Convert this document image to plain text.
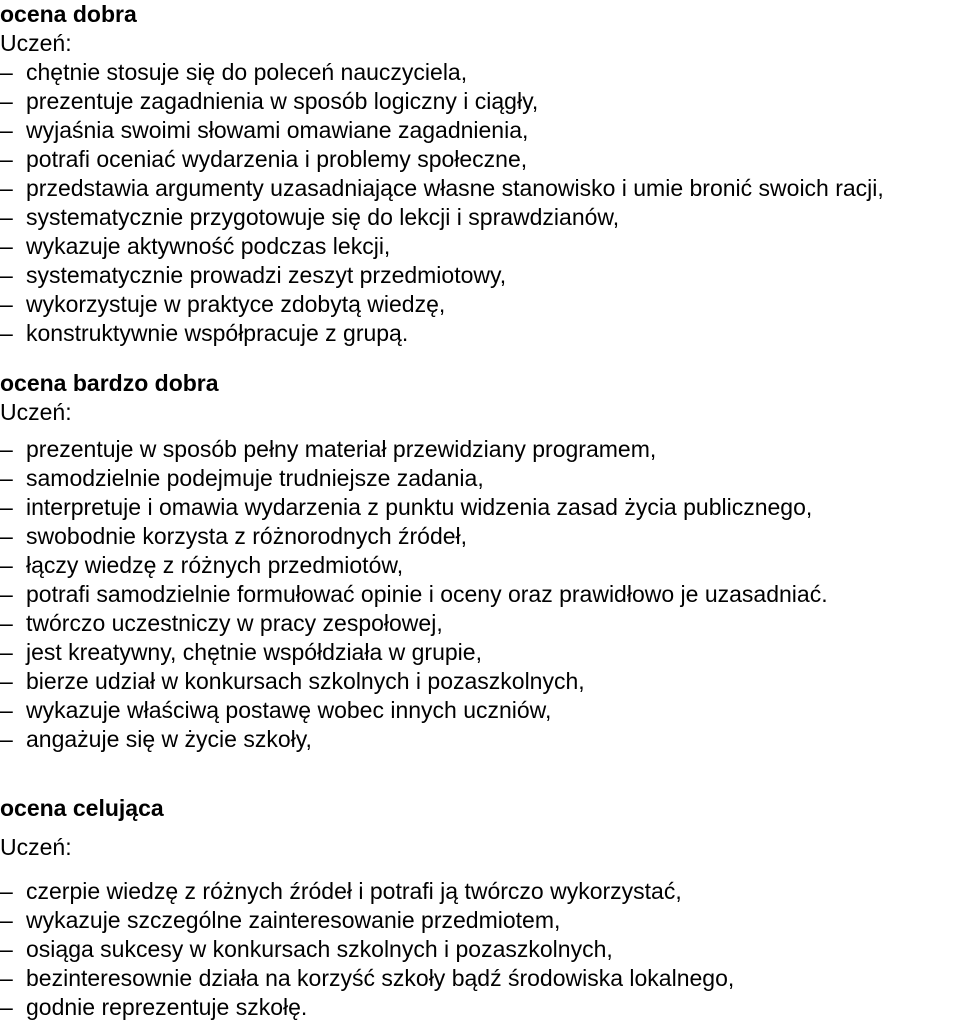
ocena dobra
Uczeń:
– chętnie stosuje się do poleceń nauczyciela,
– prezentuje zagadnienia w sposób logiczny i ciągły,
– wyjaśnia swoimi słowami omawiane zagadnienia,
– potrafi oceniać wydarzenia i problemy społeczne,
– przedstawia argumenty uzasadniające własne stanowisko i umie bronić swoich racji,
– systematycznie przygotowuje się do lekcji i sprawdzianów,
– wykazuje aktywność podczas lekcji,
– systematycznie prowadzi zeszyt przedmiotowy,
– wykorzystuje w praktyce zdobytą wiedzę,
– konstruktywnie współpracuje z grupą.
ocena bardzo dobra
Uczeń:
– prezentuje w sposób pełny materiał przewidziany programem,
– samodzielnie podejmuje trudniejsze zadania,
– interpretuje i omawia wydarzenia z punktu widzenia zasad życia publicznego,
– swobodnie korzysta z różnorodnych źródeł,
– łączy wiedzę z różnych przedmiotów,
– potrafi samodzielnie formułować opinie i oceny oraz prawidłowo je uzasadniać.
– twórczo uczestniczy w pracy zespołowej,
– jest kreatywny, chętnie współdziała w grupie,
– bierze udział w konkursach szkolnych i pozaszkolnych,
– wykazuje właściwą postawę wobec innych uczniów,
– angażuje się w życie szkoły,
ocena celująca
Uczeń:
– czerpie wiedzę z różnych źródeł i potrafi ją twórczo wykorzystać,
– wykazuje szczególne zainteresowanie przedmiotem,
– osiąga sukcesy w konkursach szkolnych i pozaszkolnych,
– bezinteresownie działa na korzyść szkoły bądź środowiska lokalnego,
– godnie reprezentuje szkołę.
